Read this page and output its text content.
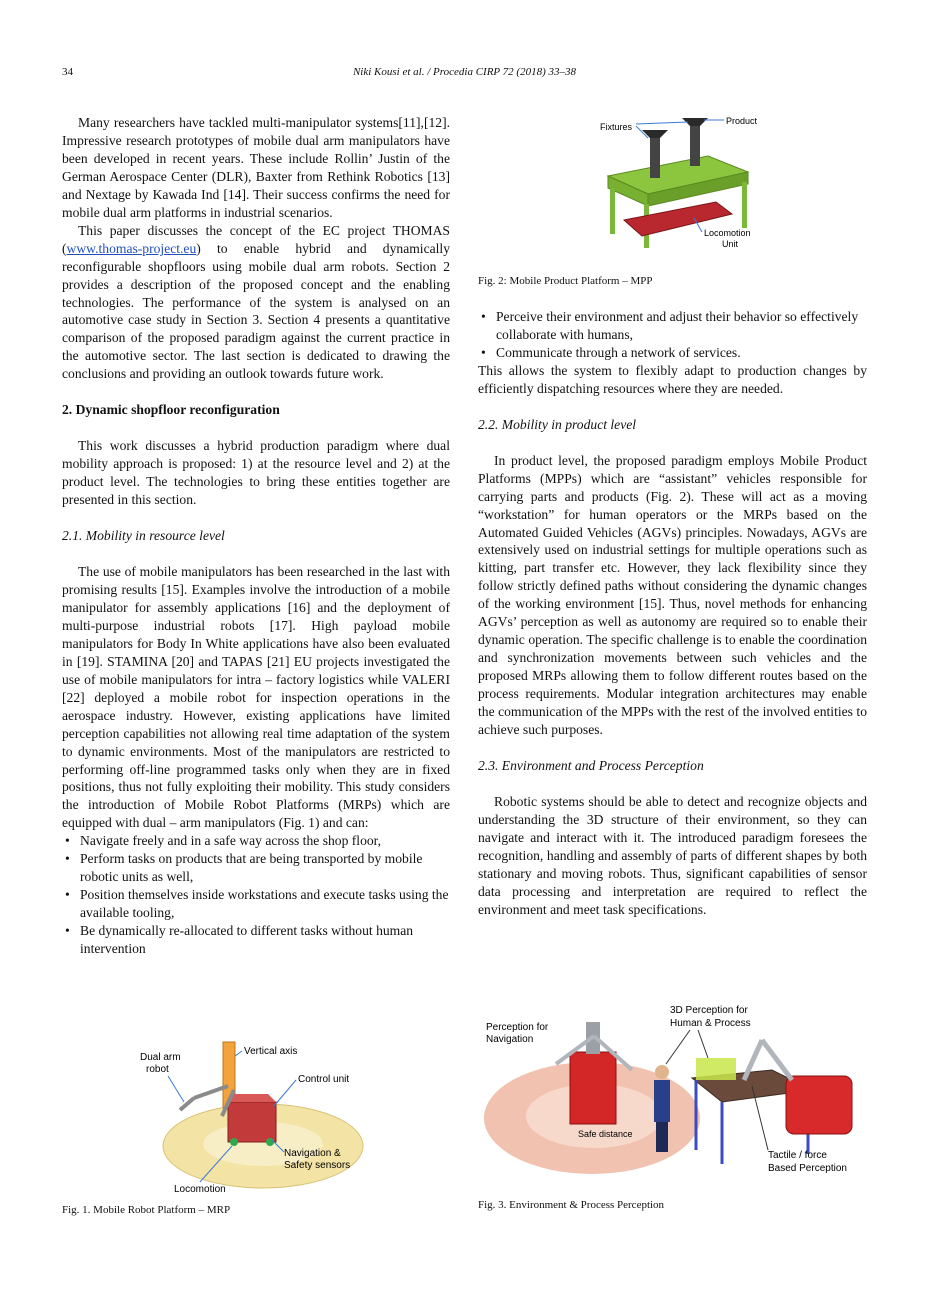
34	Niki Kousi et al. / Procedia CIRP 72 (2018) 33–38

Many researchers have tackled multi-manipulator systems[11],[12]. Impressive research prototypes of mobile dual arm manipulators have been developed in recent years. These include Rollin’ Justin of the German Aerospace Center (DLR), Baxter from Rethink Robotics [13] and Nextage by Kawada Ind [14]. Their success confirms the need for mobile dual arm platforms in industrial scenarios.

This paper discusses the concept of the EC project THOMAS (www.thomas-project.eu) to enable hybrid and dynamically reconfigurable shopfloors using mobile dual arm robots. Section 2 provides a description of the proposed concept and the enabling technologies. The performance of the system is analysed on an automotive case study in Section 3. Section 4 presents a quantitative comparison of the proposed paradigm against the current practice in the automotive sector. The last section is dedicated to drawing the conclusions and providing an outlook towards future work.

2. Dynamic shopfloor reconfiguration

This work discusses a hybrid production paradigm where dual mobility approach is proposed: 1) at the resource level and 2) at the product level. The technologies to bring these entities together are presented in this section.

2.1. Mobility in resource level

The use of mobile manipulators has been researched in the last with promising results [15]. Examples involve the introduction of a mobile manipulator for assembly applications [16] and the deployment of multi-purpose industrial robots [17]. High payload mobile manipulators for Body In White applications have also been evaluated in [19]. STAMINA [20] and TAPAS [21] EU projects investigated the use of mobile manipulators for intra – factory logistics while VALERI [22] deployed a mobile robot for inspection operations in the aerospace industry. However, existing applications have limited perception capabilities not allowing real time adaptation of the system to dynamic environments. Most of the manipulators are restricted to performing off-line programmed tasks only when they are in fixed positions, thus not fully exploiting their mobility. This study considers the introduction of Mobile Robot Platforms (MRPs) which are equipped with dual – arm manipulators (Fig. 1) and can:

• Navigate freely and in a safe way across the shop floor,
• Perform tasks on products that are being transported by mobile robotic units as well,
• Position themselves inside workstations and execute tasks using the available tooling,
• Be dynamically re-allocated to different tasks without human intervention
Dual arm
robot
Vertical axis
Control unit
Navigation &
Safety sensors
Locomotion
Fig. 1. Mobile Robot Platform – MRP
Fixtures
Product
Locomotion
Unit
Fig. 2: Mobile Product Platform – MPP
• Perceive their environment and adjust their behavior so effectively collaborate with humans,
• Communicate through a network of services.

This allows the system to flexibly adapt to production changes by efficiently dispatching resources where they are needed.

2.2. Mobility in product level

In product level, the proposed paradigm employs Mobile Product Platforms (MPPs) which are “assistant” vehicles responsible for carrying parts and products (Fig. 2). These will act as a moving “workstation” for human operators or the MRPs based on the Automated Guided Vehicles (AGVs) principles. Nowadays, AGVs are extensively used on industrial settings for multiple operations such as kitting, part transfer etc. However, they lack flexibility since they follow strictly defined paths without considering the dynamic changes of the working environment [15]. Thus, novel methods for enhancing AGVs’ perception as well as autonomy are required so to enable their dynamic operation. The specific challenge is to enable the coordination and synchronization movements between such vehicles and the proposed MRPs allowing them to follow different routes based on the process requirements. Modular integration architectures may enable the communication of the MPPs with the rest of the involved entities to achieve such purposes.

2.3. Environment and Process Perception

Robotic systems should be able to detect and recognize objects and understanding the 3D structure of their environment, so they can navigate and interact with it. The introduced paradigm foresees the recognition, handling and assembly of parts of different shapes by both stationary and moving robots. Thus, significant capabilities of sensor data processing and interpretation are required to reflect the environment and meet task specifications.

Perception for
Navigation
3D Perception for
Human & Process
Safe distance
Tactile / force
Based Perception
Fig. 3. Environment & Process Perception
